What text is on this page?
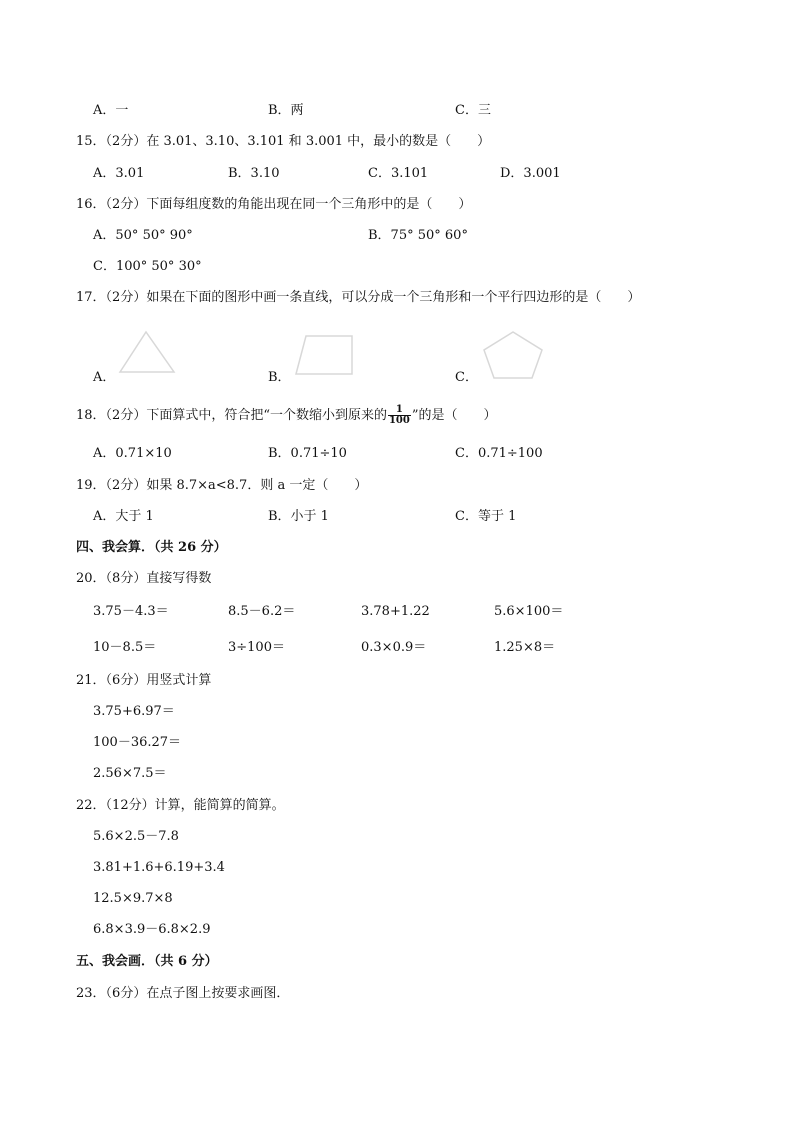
A．一	B．两	C．三
15．（2分）在 3.01、3.10、3.101 和 3.001 中，最小的数是（　　）
A．3.01	B．3.10	C．3.101	D．3.001
16．（2分）下面每组度数的角能出现在同一个三角形中的是（　　）
A．50° 50° 90°	B．75° 50° 60°
C．100° 50° 30°
17．（2分）如果在下面的图形中画一条直线，可以分成一个三角形和一个平行四边形的是（　　）
A．	B．	C．
18．（2分）下面算式中，符合把“一个数缩小到原来的 $\frac{1}{100}$ ”的是（　　）
A．0.71×10	B．0.71÷10	C．0.71÷100
19．（2分）如果 8.7×a<8.7．则 a 一定（　　）
A．大于 1	B．小于 1	C．等于 1
四、我会算．（共 26 分）
20．（8分）直接写得数
3.75－4.3＝	8.5－6.2＝	3.78+1.22	5.6×100＝
10－8.5＝	3÷100＝	0.3×0.9＝	1.25×8＝
21．（6分）用竖式计算
3.75+6.97＝
100－36.27＝
2.56×7.5＝
22．（12分）计算，能简算的简算。
5.6×2.5－7.8
3.81+1.6+6.19+3.4
12.5×9.7×8
6.8×3.9－6.8×2.9
五、我会画．（共 6 分）
23．（6分）在点子图上按要求画图．
